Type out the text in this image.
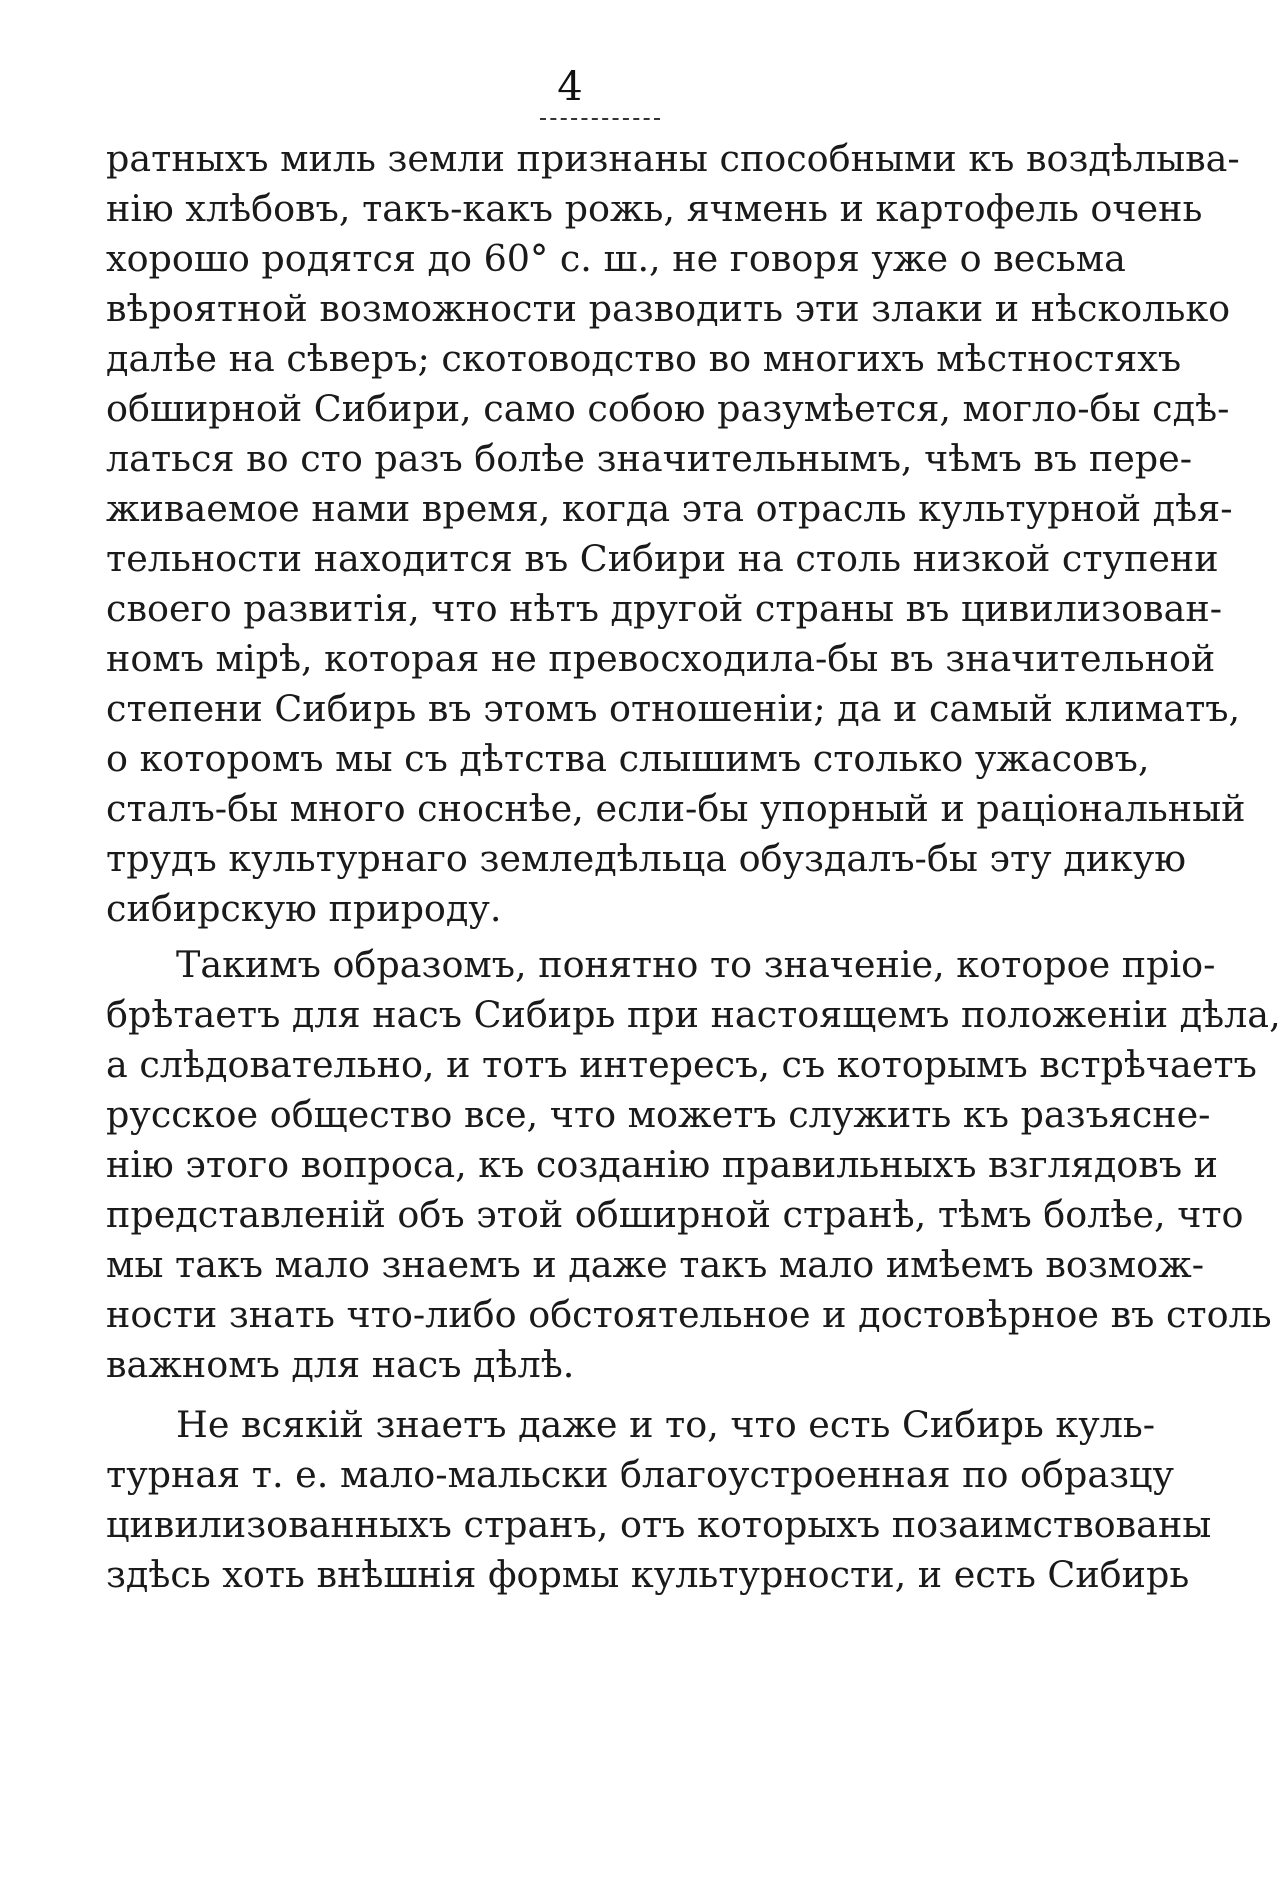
4
ратныхъ миль земли признаны способными къ воздѣлыва-
нію хлѣбовъ, такъ-какъ рожь, ячмень и картофель очень
хорошо родятся до 60° с. ш., не говоря уже о весьма
вѣроятной возможности разводить эти злаки и нѣсколько
далѣе на сѣверъ; скотоводство во многихъ мѣстностяхъ
обширной Сибири, само собою разумѣется, могло-бы сдѣ-
латься во сто разъ болѣе значительнымъ, чѣмъ въ пере-
живаемое нами время, когда эта отрасль культурной дѣя-
тельности находится въ Сибири на столь низкой ступени
своего развитія, что нѣтъ другой страны въ цивилизован-
номъ мірѣ, которая не превосходила-бы въ значительной
степени Сибирь въ этомъ отношеніи; да и самый климатъ,
о которомъ мы съ дѣтства слышимъ столько ужасовъ,
сталъ-бы много сноснѣе, если-бы упорный и раціональный
трудъ культурнаго земледѣльца обуздалъ-бы эту дикую
сибирскую природу.
Такимъ образомъ, понятно то значеніе, которое пріо-
брѣтаетъ для насъ Сибирь при настоящемъ положеніи дѣла,
а слѣдовательно, и тотъ интересъ, съ которымъ встрѣчаетъ
русское общество все, что можетъ служить къ разъясне-
нію этого вопроса, къ созданію правильныхъ взглядовъ и
представленій объ этой обширной странѣ, тѣмъ болѣе, что
мы такъ мало знаемъ и даже такъ мало имѣемъ возмож-
ности знать что-либо обстоятельное и достовѣрное въ столь
важномъ для насъ дѣлѣ.
Не всякій знаетъ даже и то, что есть Сибирь куль-
турная т. е. мало-мальски благоустроенная по образцу
цивилизованныхъ странъ, отъ которыхъ позаимствованы
здѣсь хоть внѣшнія формы культурности, и есть Сибирь
